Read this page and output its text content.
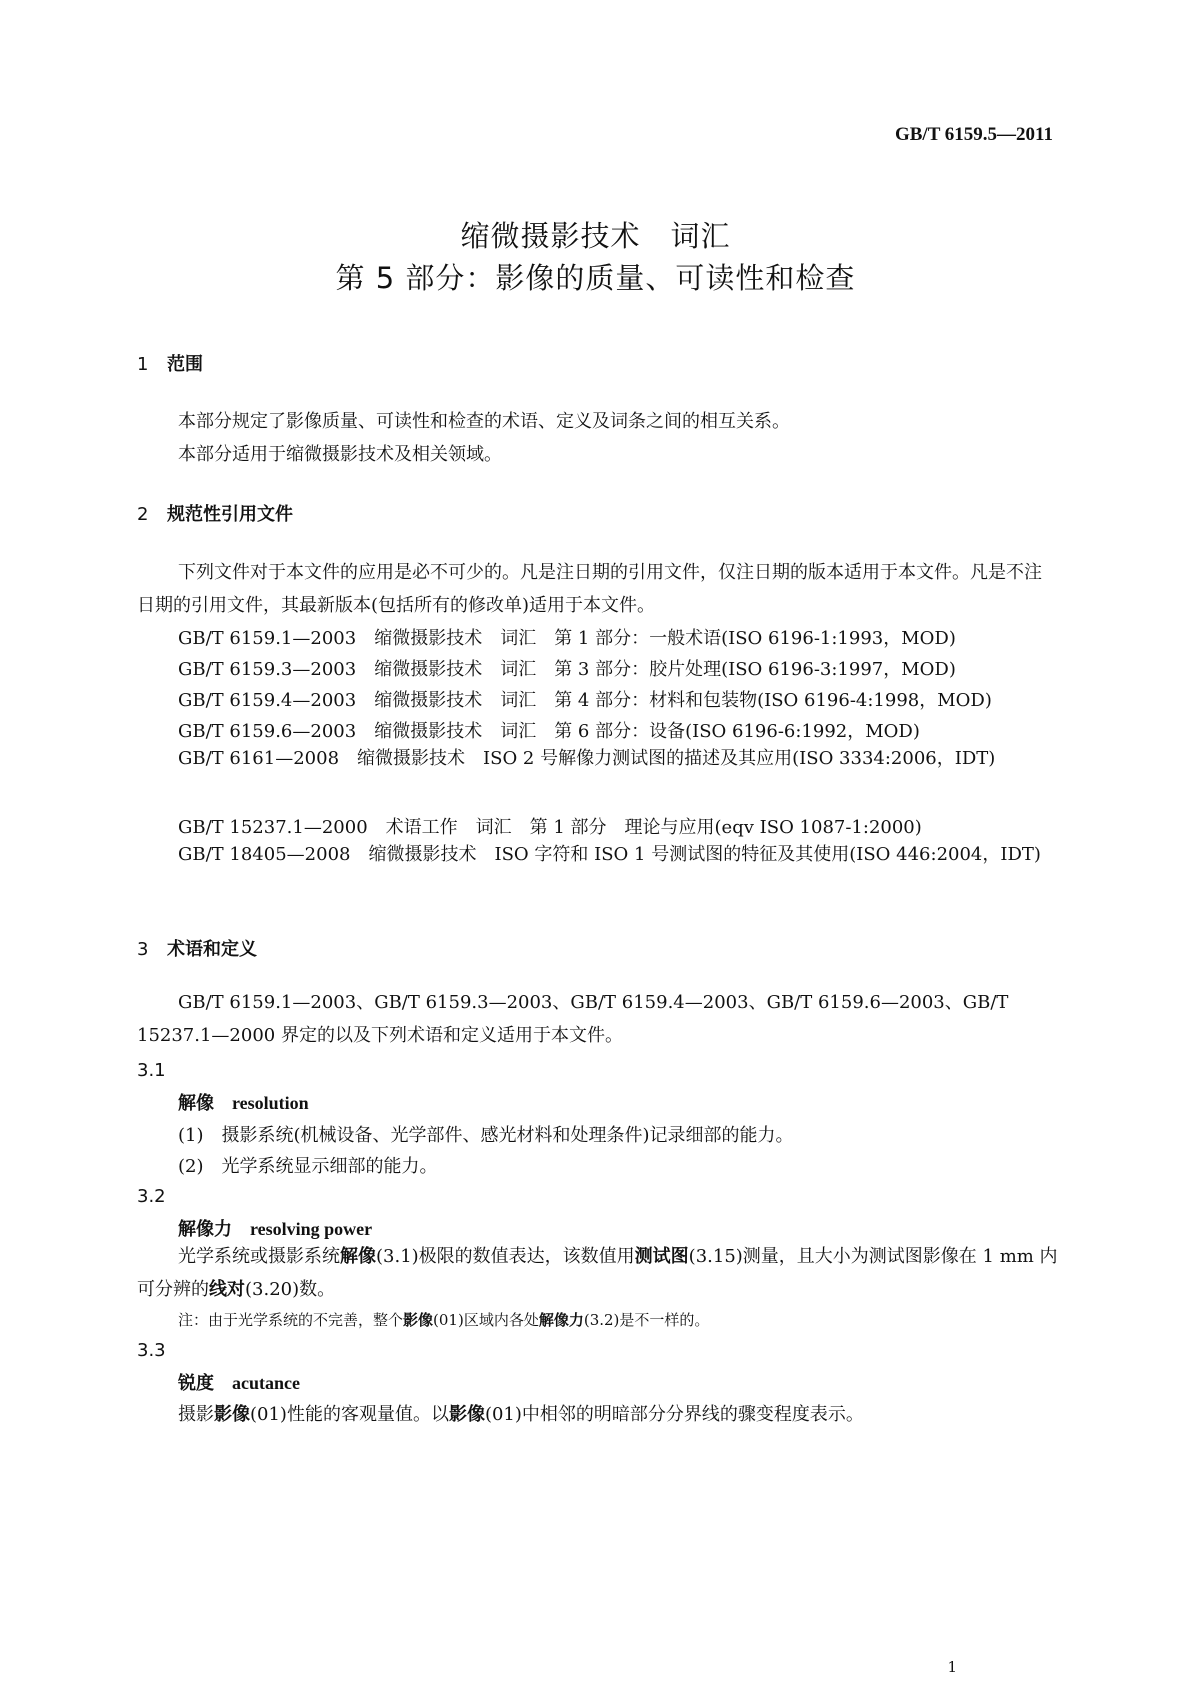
GB/T 6159.5—2011
缩微摄影技术　词汇
第 5 部分：影像的质量、可读性和检查
1 范围
本部分规定了影像质量、可读性和检查的术语、定义及词条之间的相互关系。
本部分适用于缩微摄影技术及相关领域。
2 规范性引用文件
下列文件对于本文件的应用是必不可少的。凡是注日期的引用文件，仅注日期的版本适用于本文件。凡是不注日期的引用文件，其最新版本(包括所有的修改单)适用于本文件。
GB/T 6159.1—2003　缩微摄影技术　词汇　第 1 部分：一般术语(ISO 6196-1:1993，MOD)
GB/T 6159.3—2003　缩微摄影技术　词汇　第 3 部分：胶片处理(ISO 6196-3:1997，MOD)
GB/T 6159.4—2003　缩微摄影技术　词汇　第 4 部分：材料和包装物(ISO 6196-4:1998，MOD)
GB/T 6159.6—2003　缩微摄影技术　词汇　第 6 部分：设备(ISO 6196-6:1992，MOD)
GB/T 6161—2008　缩微摄影技术　ISO 2 号解像力测试图的描述及其应用(ISO 3334:2006，IDT)
GB/T 15237.1—2000　术语工作　词汇　第 1 部分　理论与应用(eqv ISO 1087-1:2000)
GB/T 18405—2008　缩微摄影技术　ISO 字符和 ISO 1 号测试图的特征及其使用(ISO 446:2004，IDT)
3 术语和定义
GB/T 6159.1—2003、GB/T 6159.3—2003、GB/T 6159.4—2003、GB/T 6159.6—2003、GB/T 15237.1—2000 界定的以及下列术语和定义适用于本文件。
3.1
解像 resolution
(1)　摄影系统(机械设备、光学部件、感光材料和处理条件)记录细部的能力。
(2)　光学系统显示细部的能力。
3.2
解像力 resolving power
光学系统或摄影系统解像(3.1)极限的数值表达，该数值用测试图(3.15)测量，且大小为测试图影像在 1 mm 内可分辨的线对(3.20)数。
注：由于光学系统的不完善，整个影像(01)区域内各处解像力(3.2)是不一样的。
3.3
锐度 acutance
摄影影像(01)性能的客观量值。以影像(01)中相邻的明暗部分分界线的骤变程度表示。
1
